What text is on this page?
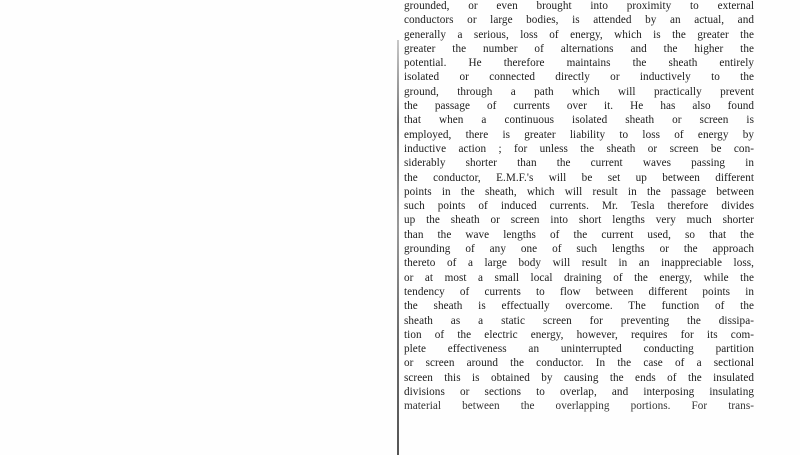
grounded, or even brought into proximity to external
conductors or large bodies, is attended by an actual, and
generally a serious, loss of energy, which is the greater the
greater the number of alternations and the higher the
potential. He therefore maintains the sheath entirely
isolated or connected directly or inductively to the
ground, through a path which will practically prevent
the passage of currents over it. He has also found
that when a continuous isolated sheath or screen is
employed, there is greater liability to loss of energy by
inductive action ; for unless the sheath or screen be con-
siderably shorter than the current waves passing in
the conductor, E.M.F.'s will be set up between different
points in the sheath, which will result in the passage between
such points of induced currents. Mr. Tesla therefore divides
up the sheath or screen into short lengths very much shorter
than the wave lengths of the current used, so that the
grounding of any one of such lengths or the approach
thereto of a large body will result in an inappreciable loss,
or at most a small local draining of the energy, while the
tendency of currents to flow between different points in
the sheath is effectually overcome. The function of the
sheath as a static screen for preventing the dissipa-
tion of the electric energy, however, requires for its com-
plete effectiveness an uninterrupted conducting partition
or screen around the conductor. In the case of a sectional
screen this is obtained by causing the ends of the insulated
divisions or sections to overlap, and interposing insulating
material between the overlapping portions. For trans-
